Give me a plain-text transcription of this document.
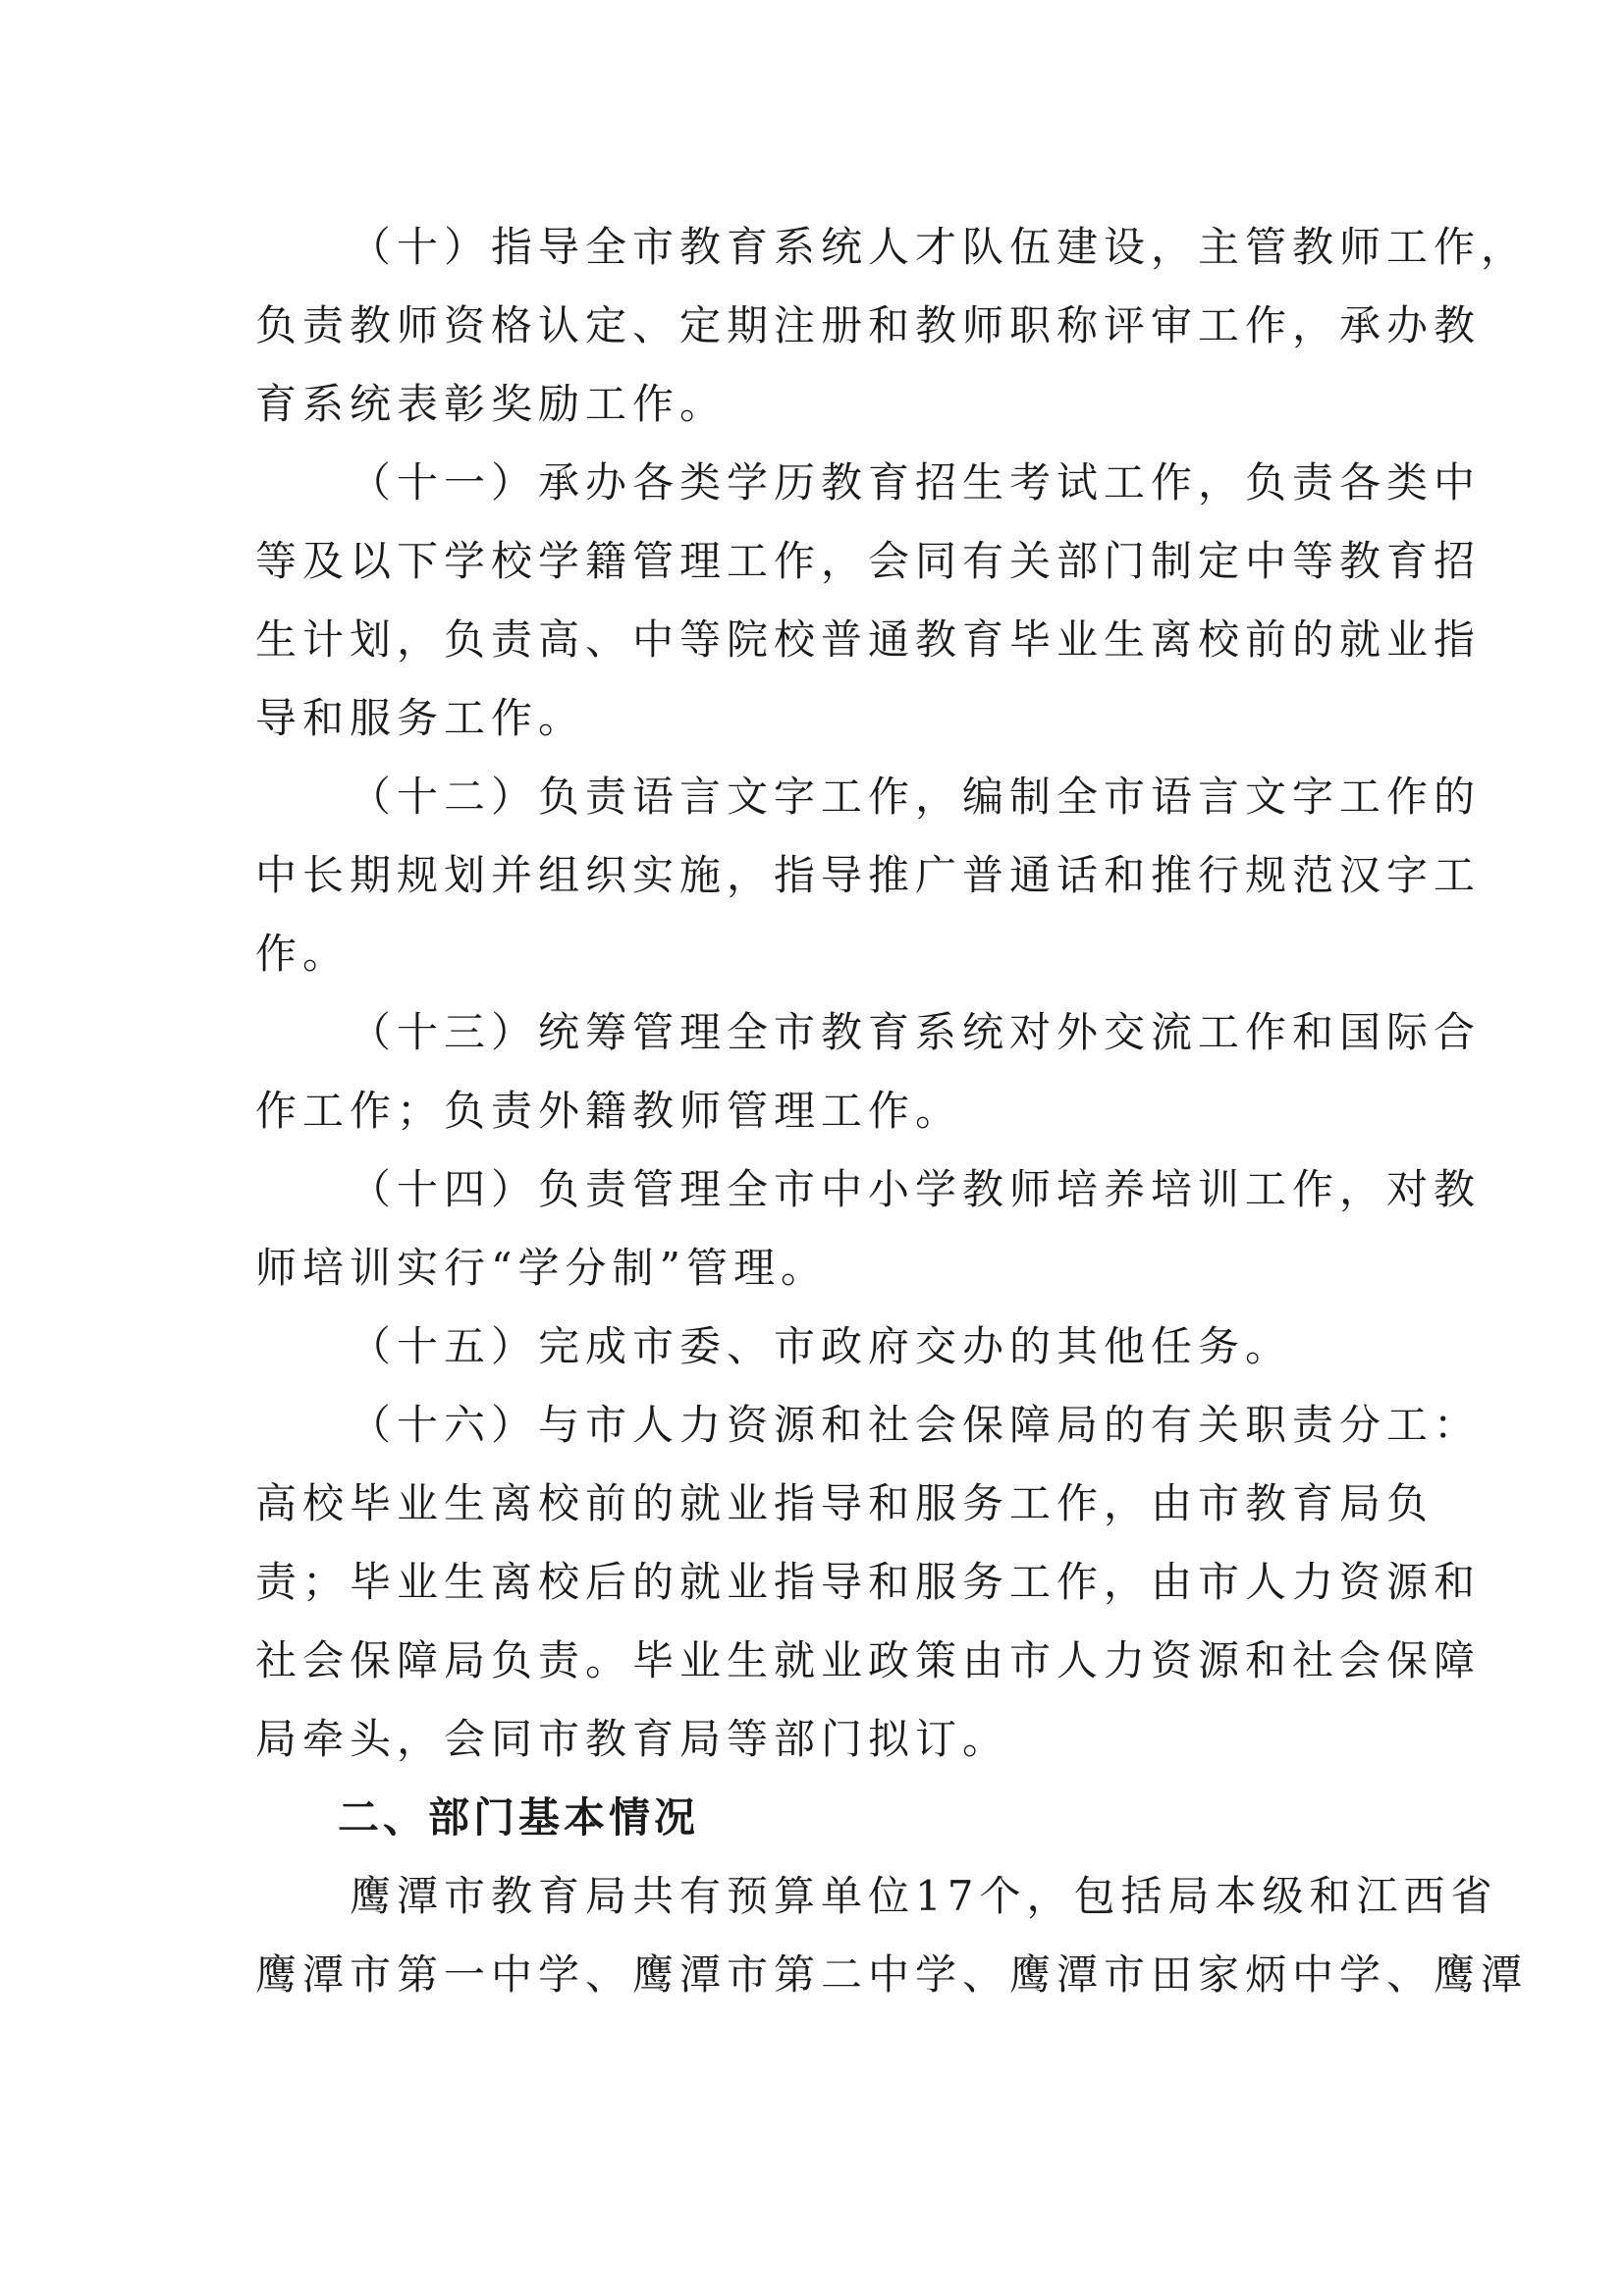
（十）指导全市教育系统人才队伍建设，主管教师工作，
负责教师资格认定、定期注册和教师职称评审工作，承办教
育系统表彰奖励工作。
（十一）承办各类学历教育招生考试工作，负责各类中
等及以下学校学籍管理工作，会同有关部门制定中等教育招
生计划，负责高、中等院校普通教育毕业生离校前的就业指
导和服务工作。
（十二）负责语言文字工作，编制全市语言文字工作的
中长期规划并组织实施，指导推广普通话和推行规范汉字工
作。
（十三）统筹管理全市教育系统对外交流工作和国际合
作工作；负责外籍教师管理工作。
（十四）负责管理全市中小学教师培养培训工作，对教
师培训实行“学分制”管理。
（十五）完成市委、市政府交办的其他任务。
（十六）与市人力资源和社会保障局的有关职责分工：
高校毕业生离校前的就业指导和服务工作，由市教育局负
责；毕业生离校后的就业指导和服务工作，由市人力资源和
社会保障局负责。毕业生就业政策由市人力资源和社会保障
局牵头，会同市教育局等部门拟订。
二、部门基本情况
鹰潭市教育局共有预算单位17个，包括局本级和江西省
鹰潭市第一中学、鹰潭市第二中学、鹰潭市田家炳中学、鹰潭
